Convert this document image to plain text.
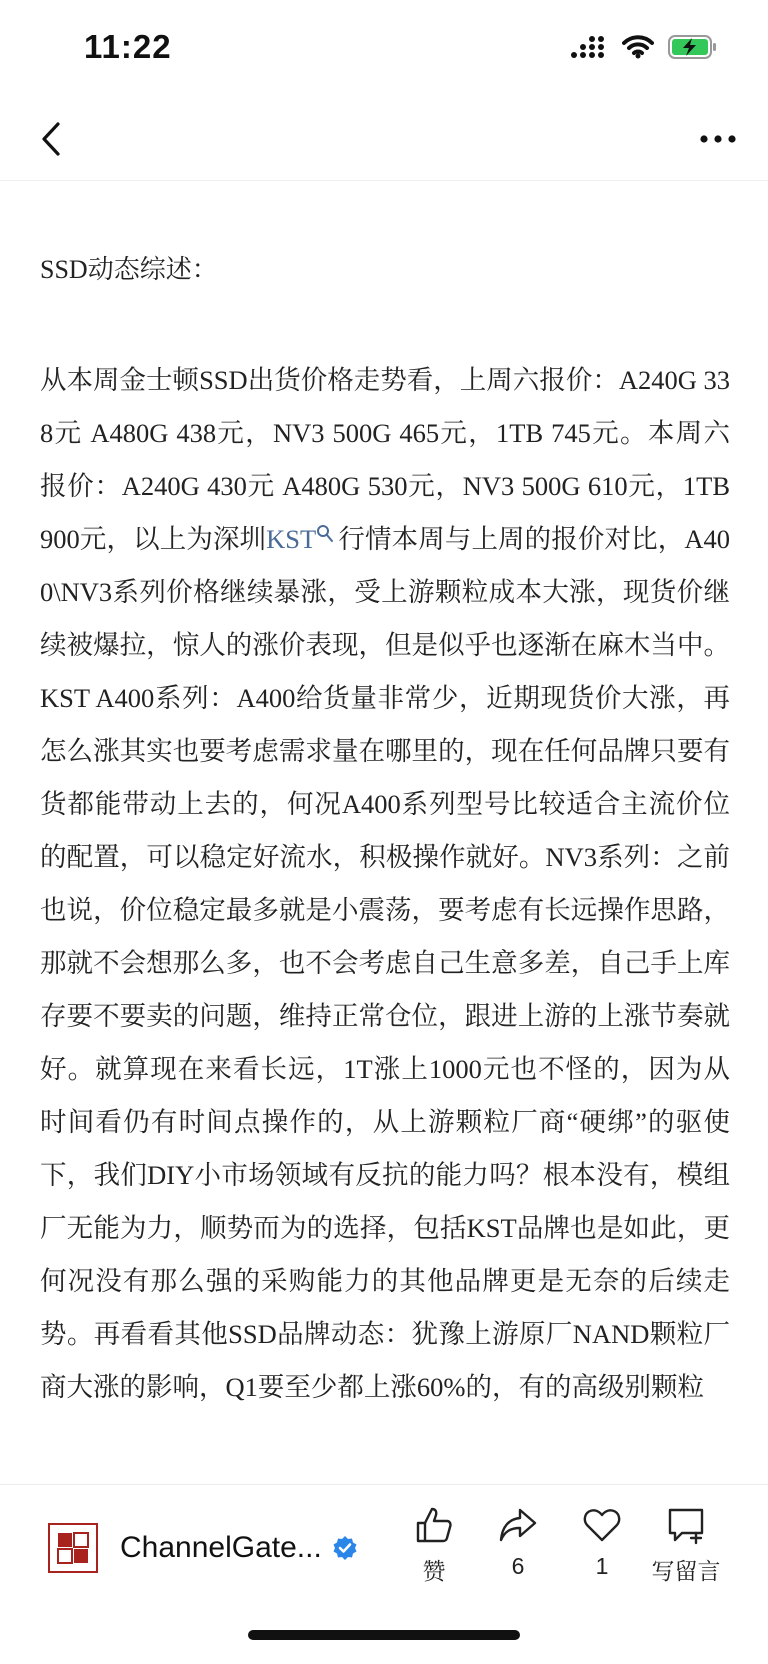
11:22

SSD动态综述：

从本周金士顿SSD出货价格走势看，上周六报价：A240G 338元 A480G 438元，NV3 500G 465元，1TB 745元。本周六报价：A240G 430元 A480G 530元，NV3 500G 610元，1TB 900元，以上为深圳KST 行情本周与上周的报价对比，A400\NV3系列价格继续暴涨，受上游颗粒成本大涨，现货价继续被爆拉，惊人的涨价表现，但是似乎也逐渐在麻木当中。KST A400系列：A400给货量非常少，近期现货价大涨，再怎么涨其实也要考虑需求量在哪里的，现在任何品牌只要有货都能带动上去的，何况A400系列型号比较适合主流价位的配置，可以稳定好流水，积极操作就好。NV3系列：之前也说，价位稳定最多就是小震荡，要考虑有长远操作思路，那就不会想那么多，也不会考虑自己生意多差，自己手上库存要不要卖的问题，维持正常仓位，跟进上游的上涨节奏就好。就算现在来看长远，1T涨上1000元也不怪的，因为从时间看仍有时间点操作的，从上游颗粒厂商“硬绑”的驱使下，我们DIY小市场领域有反抗的能力吗？根本没有，模组厂无能为力，顺势而为的选择，包括KST品牌也是如此，更何况没有那么强的采购能力的其他品牌更是无奈的后续走势。再看看其他SSD品牌动态：犹豫上游原厂NAND颗粒厂商大涨的影响，Q1要至少都上涨60%的，有的高级别颗粒

ChannelGate...
赞	6	1 写留言
